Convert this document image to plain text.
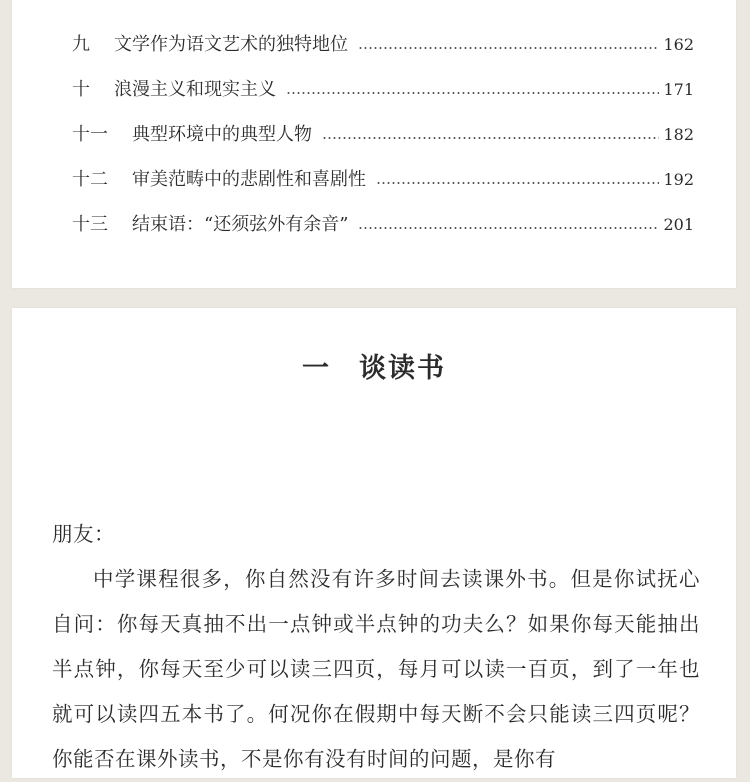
九	文学作为语文艺术的独特地位	162
十	浪漫主义和现实主义	171
十一	典型环境中的典型人物	182
十二	审美范畴中的悲剧性和喜剧性	192
十三	结束语：“还须弦外有余音”	201
一 谈读书

朋友：

中学课程很多，你自然没有许多时间去读课外书。但是你试抚心自问：你每天真抽不出一点钟或半点钟的功夫么？如果你每天能抽出半点钟，你每天至少可以读三四页，每月可以读一百页，到了一年也就可以读四五本书了。何况你在假期中每天断不会只能读三四页呢？你能否在课外读书，不是你有没有时间的问题，是你有
